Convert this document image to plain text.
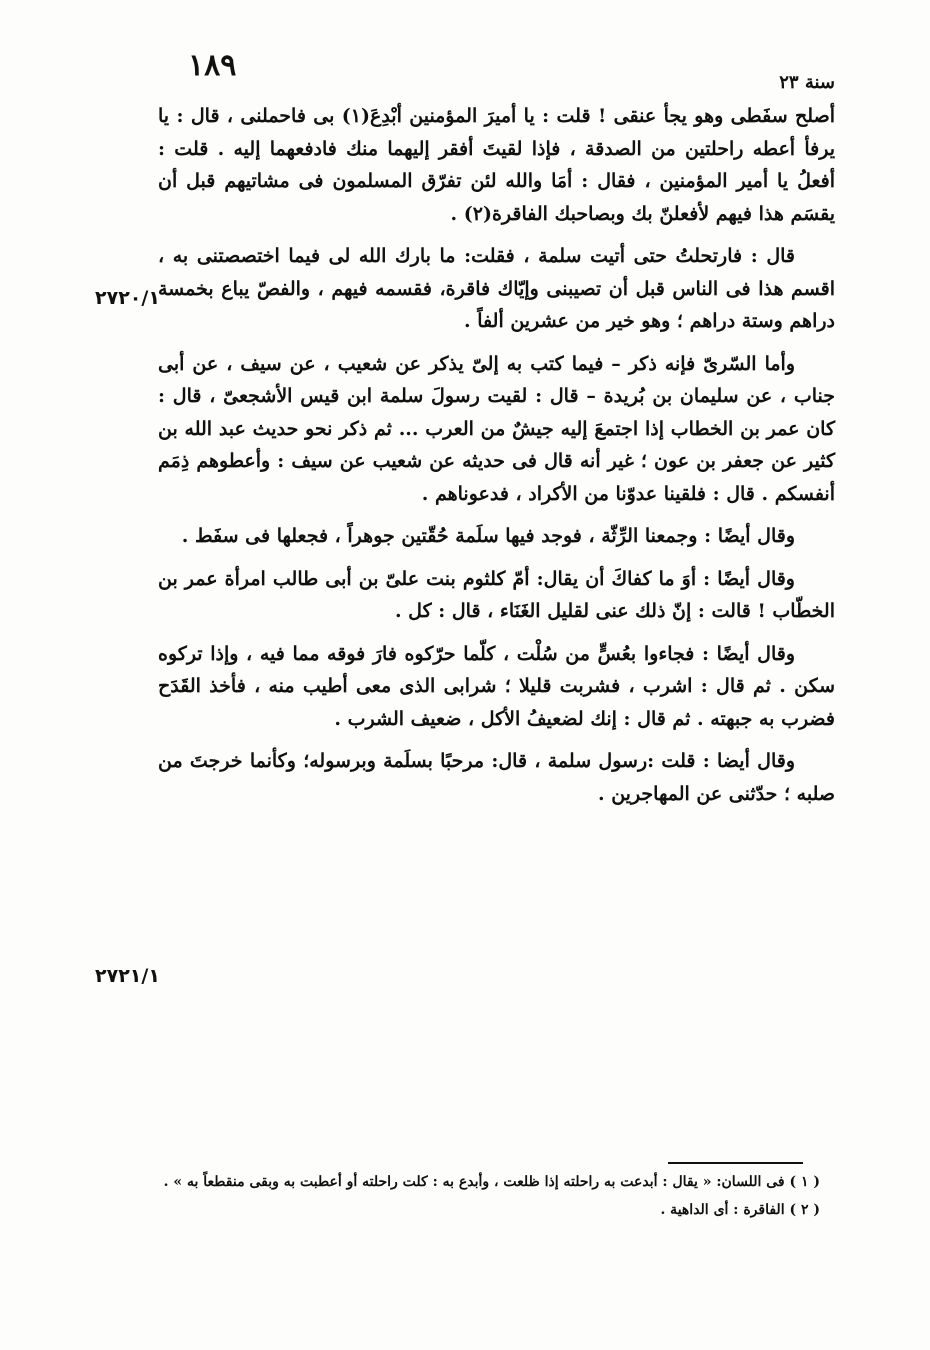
١٨٩	سنة ٢٣
٢٧٢٠/١
٢٧٢١/١

أصلح سفَطى وهو يجأ عنقى ! قلت : يا أميرَ المؤمنين أبْدِعَ(١) بى فاحملنى ، قال : يا يرفأ أعطه راحلتين من الصدقة ، فإذا لقيتَ أفقر إليهما منك فادفعهما إليه . قلت : أفعلُ يا أمير المؤمنين ، فقال : أمَا والله لئن تفرّق المسلمون فى مشاتيهم قبل أن يقسَم هذا فيهم لأفعلنّ بك وبصاحبك الفاقرة(٢) .

قال : فارتحلتُ حتى أتيت سلمة ، فقلت: ما بارك الله لى فيما اختصصتنى به ، اقسم هذا فى الناس قبل أن تصيبنى وإيّاك فاقرة، فقسمه فيهم ، والفصّ يباع بخمسة دراهم وستة دراهم ؛ وهو خير من عشرين ألفاً .

وأما السّرىّ فإنه ذكر – فيما كتب به إلىّ يذكر عن شعيب ، عن سيف ، عن أبى جناب ، عن سليمان بن بُريدة – قال : لقيت رسولَ سلمة ابن قيس الأشجعىّ ، قال : كان عمر بن الخطاب إذا اجتمعَ إليه جيشٌ من العرب ... ثم ذكر نحو حديث عبد الله بن كثير عن جعفر بن عون ؛ غير أنه قال فى حديثه عن شعيب عن سيف : وأعطوهم ذِمَم أنفسكم . قال : فلقينا عدوّنا من الأكراد ، فدعوناهم .

وقال أيضًا : وجمعنا الرِّثّة ، فوجد فيها سلَمة حُقّتين جوهراً ، فجعلها فى سفَط .

وقال أيضًا : أوَ ما كفاكَ أن يقال: أمّ كلثوم بنت علىّ بن أبى طالب امرأة عمر بن الخطّاب ! قالت : إنّ ذلك عنى لقليل الغَنَاء ، قال : كل .

وقال أيضًا : فجاءوا بعُسٍّ من سُلْت ، كلّما حرّكوه فارَ فوقه مما فيه ، وإذا تركوه سكن . ثم قال : اشرب ، فشربت قليلا ؛ شرابى الذى معى أطيب منه ، فأخذ القَدَح فضرب به جبهته . ثم قال : إنك لضعيفُ الأكل ، ضعيف الشرب .

وقال أيضا : قلت :رسول سلمة ، قال: مرحبًا بسلَمة وبرسوله؛ وكأنما خرجتَ من صلبه ؛ حدّثنى عن المهاجرين .

( ١ ) فى اللسان: « يقال : أبدعت به راحلته إذا ظلعت ، وأبدع به : كلت راحلته أو أعطبت به وبقى منقطعاً به » .

( ٢ ) الفاقرة : أى الداهية .
